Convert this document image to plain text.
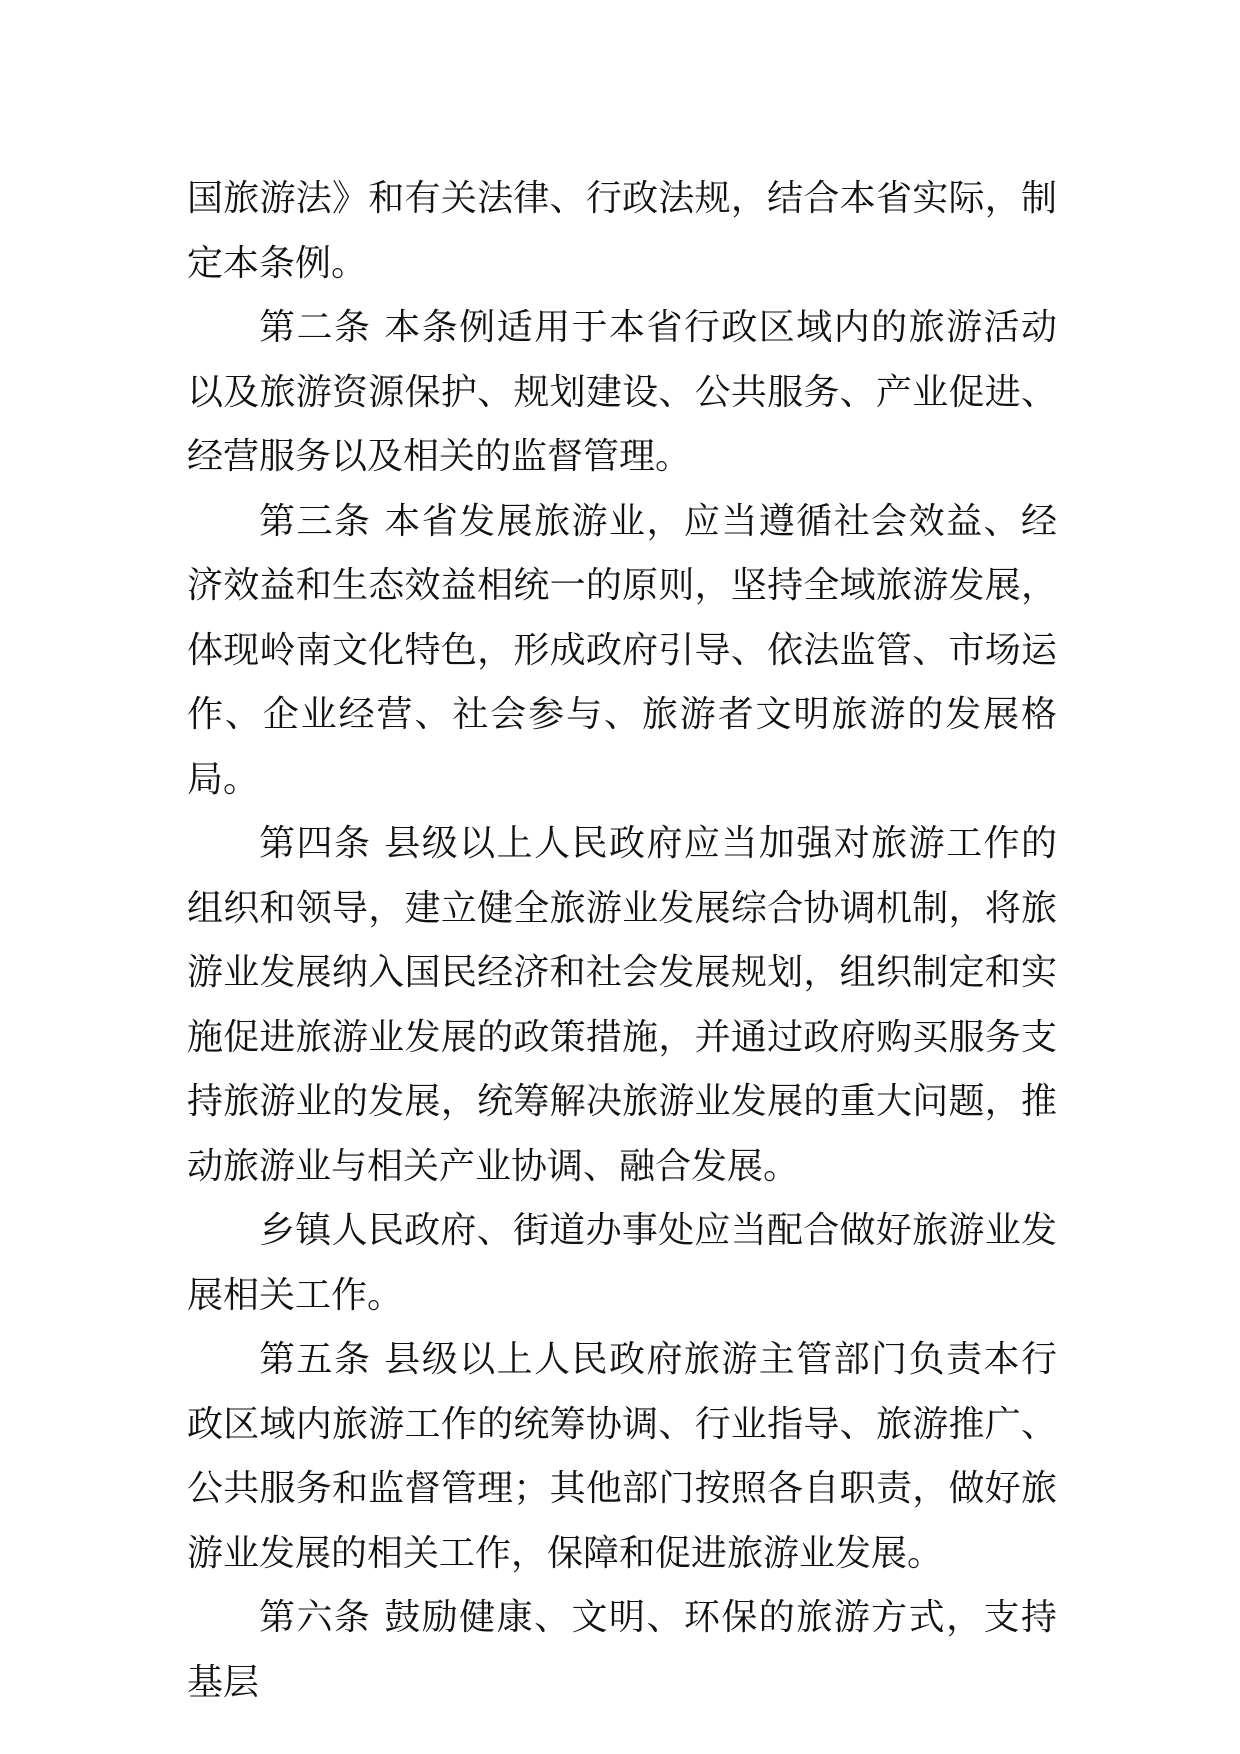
国旅游法》和有关法律、行政法规，结合本省实际，制定本条例。

第二条 本条例适用于本省行政区域内的旅游活动以及旅游资源保护、规划建设、公共服务、产业促进、经营服务以及相关的监督管理。

第三条 本省发展旅游业，应当遵循社会效益、经济效益和生态效益相统一的原则，坚持全域旅游发展，体现岭南文化特色，形成政府引导、依法监管、市场运作、企业经营、社会参与、旅游者文明旅游的发展格局。

第四条 县级以上人民政府应当加强对旅游工作的组织和领导，建立健全旅游业发展综合协调机制，将旅游业发展纳入国民经济和社会发展规划，组织制定和实施促进旅游业发展的政策措施，并通过政府购买服务支持旅游业的发展，统筹解决旅游业发展的重大问题，推动旅游业与相关产业协调、融合发展。

乡镇人民政府、街道办事处应当配合做好旅游业发展相关工作。

第五条 县级以上人民政府旅游主管部门负责本行政区域内旅游工作的统筹协调、行业指导、旅游推广、公共服务和监督管理；其他部门按照各自职责，做好旅游业发展的相关工作，保障和促进旅游业发展。

第六条 鼓励健康、文明、环保的旅游方式，支持基层
